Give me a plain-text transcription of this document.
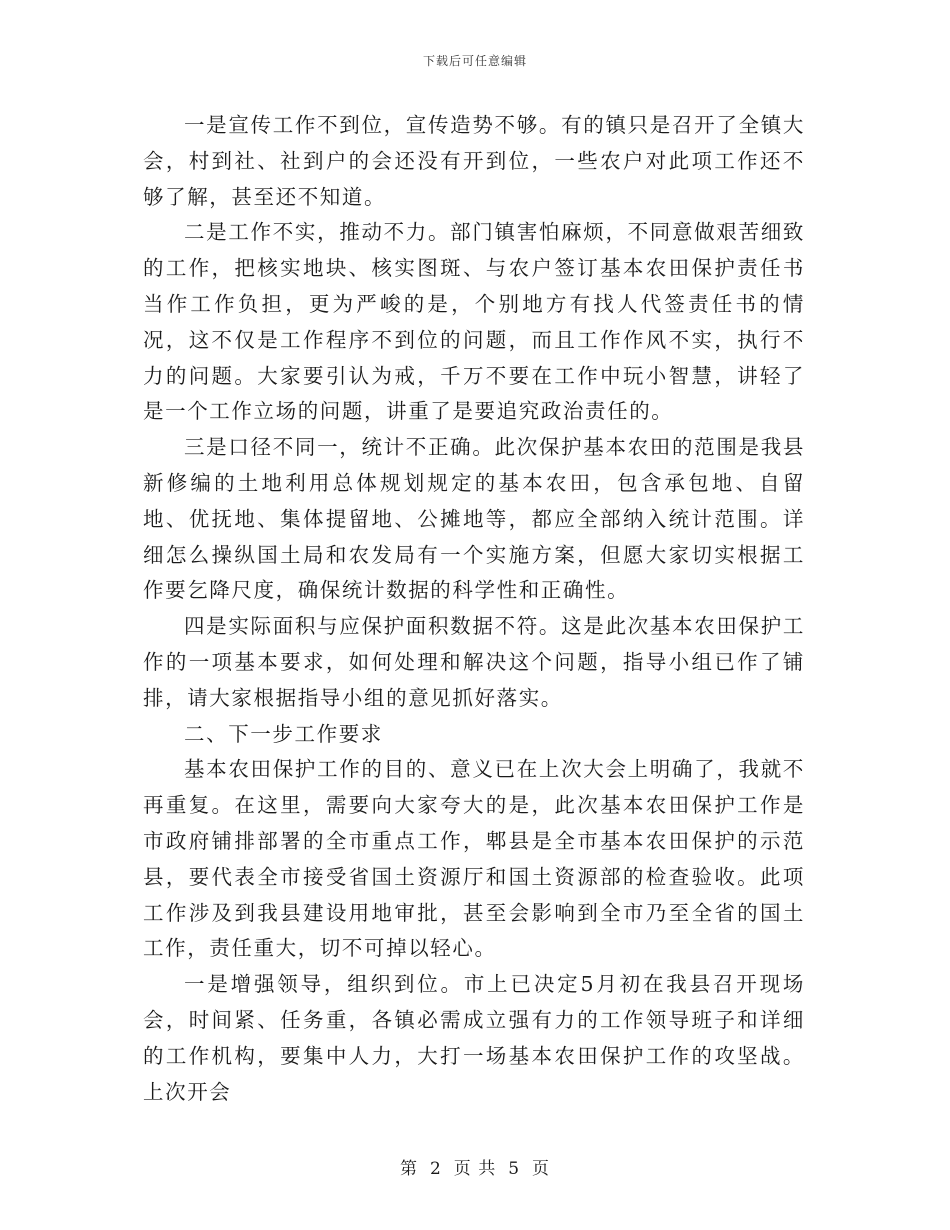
下载后可任意编辑

一是宣传工作不到位，宣传造势不够。有的镇只是召开了全镇大会，村到社、社到户的会还没有开到位，一些农户对此项工作还不够了解，甚至还不知道。

二是工作不实，推动不力。部门镇害怕麻烦，不同意做艰苦细致的工作，把核实地块、核实图斑、与农户签订基本农田保护责任书当作工作负担，更为严峻的是，个别地方有找人代签责任书的情况，这不仅是工作程序不到位的问题，而且工作作风不实，执行不力的问题。大家要引认为戒，千万不要在工作中玩小智慧，讲轻了是一个工作立场的问题，讲重了是要追究政治责任的。

三是口径不同一，统计不正确。此次保护基本农田的范围是我县新修编的土地利用总体规划规定的基本农田，包含承包地、自留地、优抚地、集体提留地、公摊地等，都应全部纳入统计范围。详细怎么操纵国土局和农发局有一个实施方案，但愿大家切实根据工作要乞降尺度，确保统计数据的科学性和正确性。

四是实际面积与应保护面积数据不符。这是此次基本农田保护工作的一项基本要求，如何处理和解决这个问题，指导小组已作了铺排，请大家根据指导小组的意见抓好落实。

二、下一步工作要求

基本农田保护工作的目的、意义已在上次大会上明确了，我就不再重复。在这里，需要向大家夸大的是，此次基本农田保护工作是市政府铺排部署的全市重点工作，郫县是全市基本农田保护的示范县，要代表全市接受省国土资源厅和国土资源部的检查验收。此项工作涉及到我县建设用地审批，甚至会影响到全市乃至全省的国土工作，责任重大，切不可掉以轻心。

一是增强领导，组织到位。市上已决定5月初在我县召开现场会，时间紧、任务重，各镇必需成立强有力的工作领导班子和详细的工作机构，要集中人力，大打一场基本农田保护工作的攻坚战。上次开会

第 2 页 共 5 页
